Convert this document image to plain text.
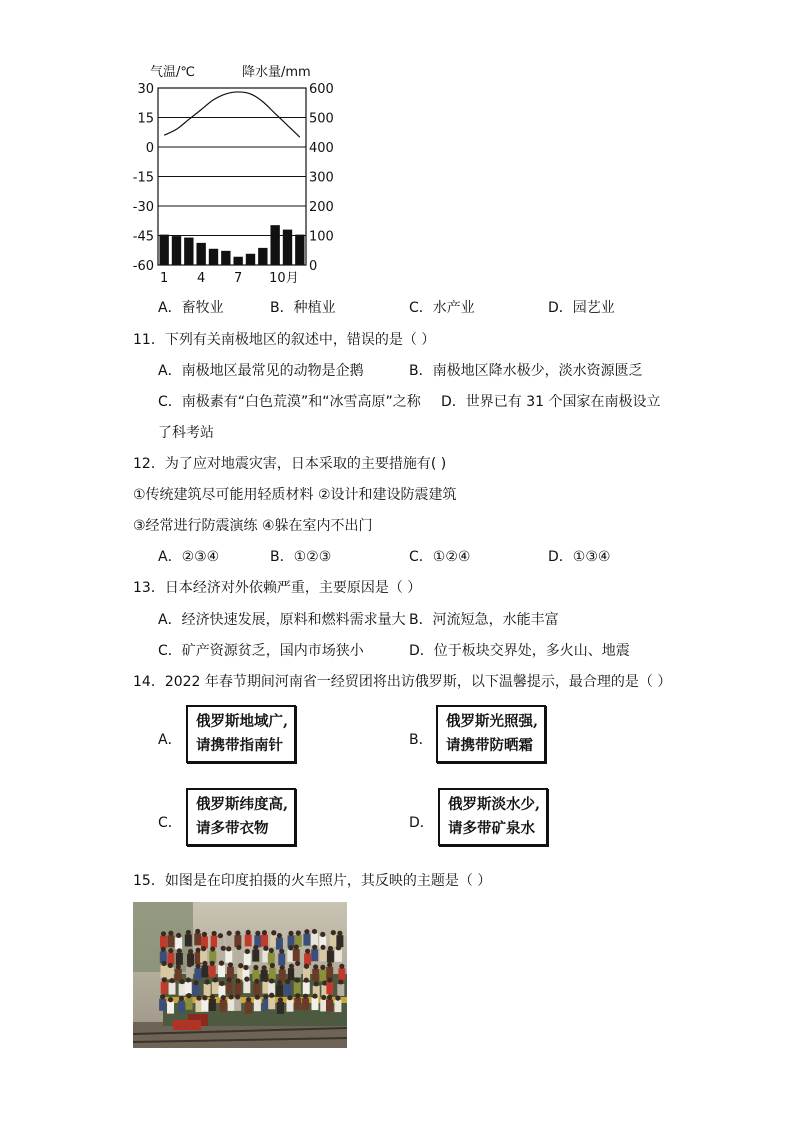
气温/℃	降水量/mm
30
15
0
-15
-30
-45
-60
600
500
400
300
200
100
0
1 4 7 10月
A．畜牧业	B．种植业	C．水产业	D．园艺业
11．下列有关南极地区的叙述中，错误的是（ ）
A．南极地区最常见的动物是企鹅	B．南极地区降水极少，淡水资源匮乏
C．南极素有“白色荒漠”和“冰雪高原”之称 D．世界已有 31 个国家在南极设立
了科考站
12．为了应对地震灾害，日本采取的主要措施有( )
①传统建筑尽可能用轻质材料 ②设计和建设防震建筑
③经常进行防震演练 ④躲在室内不出门
A．②③④	B．①②③	C．①②④	D．①③④
13．日本经济对外依赖严重，主要原因是（ ）
A．经济快速发展，原料和燃料需求量大 B．河流短急，水能丰富
C．矿产资源贫乏，国内市场狭小	D．位于板块交界处，多火山、地震
14．2022 年春节期间河南省一经贸团将出访俄罗斯，以下温馨提示，最合理的是（ ）
A．
俄罗斯地域广,
请携带指南针	B．
俄罗斯光照强,
请携带防晒霜
C．
俄罗斯纬度高,
请多带衣物	D．
俄罗斯淡水少,
请多带矿泉水
15．如图是在印度拍摄的火车照片，其反映的主题是（ ）
